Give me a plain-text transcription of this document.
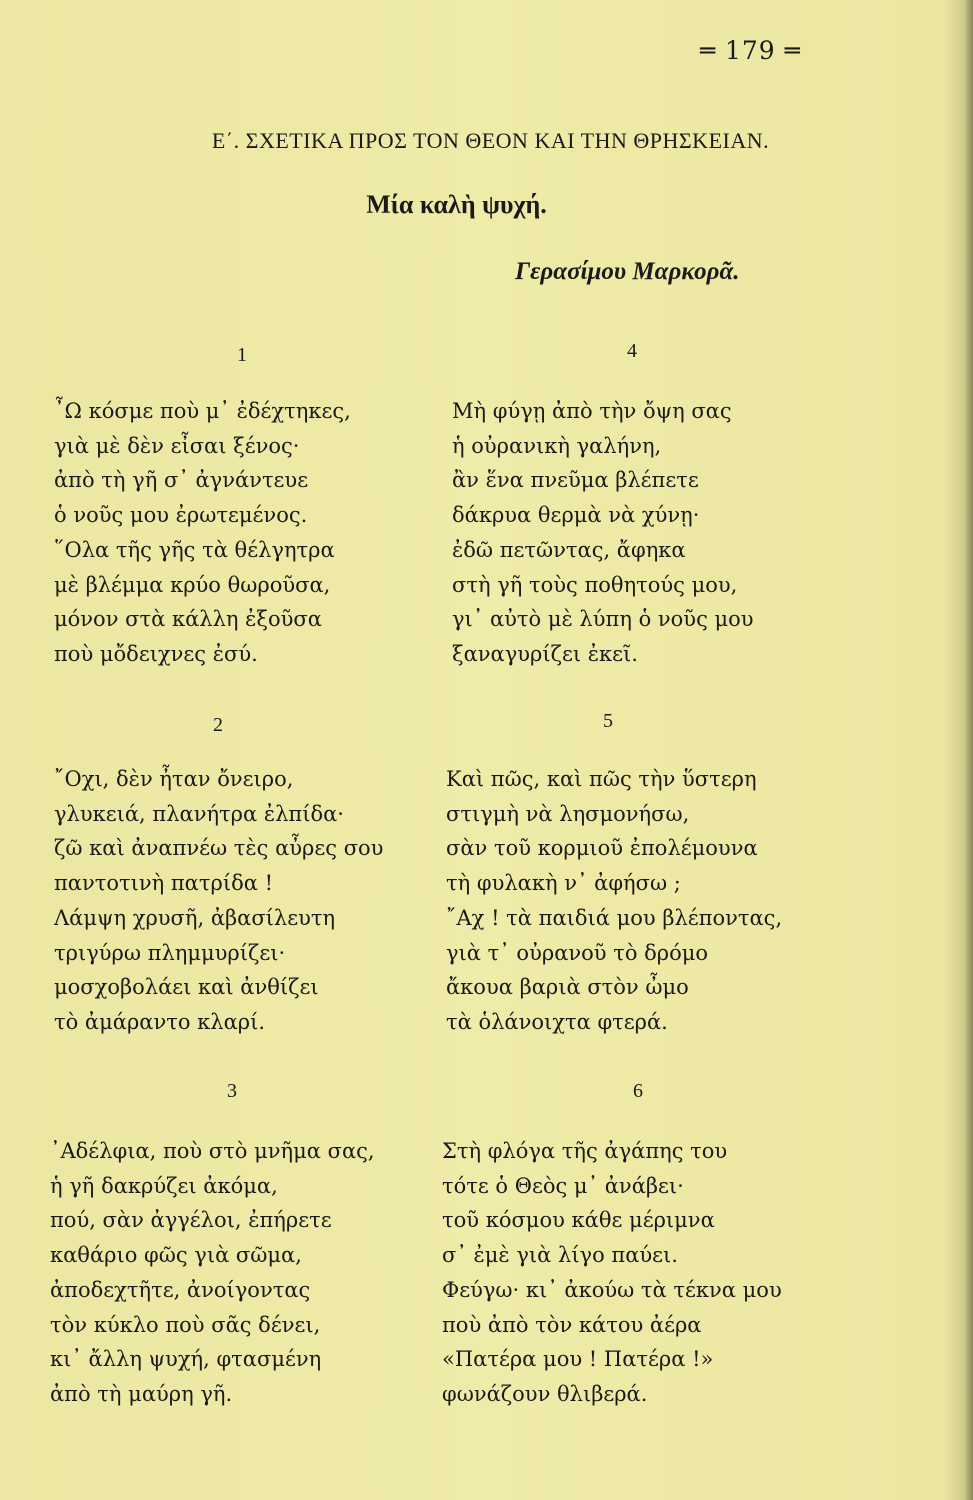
═ 179 ═
Ε΄. ΣΧΕΤΙΚΑ ΠΡΟΣ ΤΟΝ ΘΕΟΝ ΚΑΙ ΤΗΝ ΘΡΗΣΚΕΙΑΝ.
Μία καλὴ ψυχή.
Γερασίμου Μαρκορᾶ.
1
῏Ω κόσμε ποὺ μ᾽ ἐδέχτηκες,
γιὰ μὲ δὲν εἶσαι ξένος·
ἀπὸ τὴ γῆ σ᾽ ἀγνάντευε
ὁ νοῦς μου ἐρωτεμένος.
῞Ολα τῆς γῆς τὰ θέλγητρα
μὲ βλέμμα κρύο θωροῦσα,
μόνον στὰ κάλλη ἐξοῦσα
ποὺ μὄδειχνες ἐσύ.
2
῎Οχι, δὲν ἦταν ὄνειρο,
γλυκειά, πλανήτρα ἐλπίδα·
ζῶ καὶ ἀναπνέω τὲς αὖρες σου
παντοτινὴ πατρίδα !
Λάμψη χρυσῆ, ἀβασίλευτη
τριγύρω πλημμυρίζει·
μοσχοβολάει καὶ ἀνθίζει
τὸ ἀμάραντο κλαρί.
3
᾽Αδέλφια, ποὺ στὸ μνῆμα σας,
ἡ γῆ δακρύζει ἀκόμα,
πού, σὰν ἀγγέλοι, ἐπήρετε
καθάριο φῶς γιὰ σῶμα,
ἀποδεχτῆτε, ἀνοίγοντας
τὸν κύκλο ποὺ σᾶς δένει,
κι᾽ ἄλλη ψυχή, φτασμένη
ἀπὸ τὴ μαύρη γῆ.
4
Μὴ φύγῃ ἀπὸ τὴν ὄψη σας
ἡ οὐρανικὴ γαλήνη,
ἂν ἕνα πνεῦμα βλέπετε
δάκρυα θερμὰ νὰ χύνῃ·
ἐδῶ πετῶντας, ἄφηκα
στὴ γῆ τοὺς ποθητούς μου,
γι᾽ αὐτὸ μὲ λύπη ὁ νοῦς μου
ξαναγυρίζει ἐκεῖ.
5
Καὶ πῶς, καὶ πῶς τὴν ὕστερη
στιγμὴ νὰ λησμονήσω,
σὰν τοῦ κορμιοῦ ἐπολέμουνα
τὴ φυλακὴ ν᾽ ἀφήσω ;
῎Αχ ! τὰ παιδιά μου βλέποντας,
γιὰ τ᾽ οὐρανοῦ τὸ δρόμο
ἄκουα βαριὰ στὸν ὦμο
τὰ ὁλάνοιχτα φτερά.
6
Στὴ φλόγα τῆς ἀγάπης του
τότε ὁ Θεὸς μ᾽ ἀνάβει·
τοῦ κόσμου κάθε μέριμνα
σ᾽ ἐμὲ γιὰ λίγο παύει.
Φεύγω· κι᾽ ἀκούω τὰ τέκνα μου
ποὺ ἀπὸ τὸν κάτου ἀέρα
«Πατέρα μου ! Πατέρα !»
φωνάζουν θλιβερά.
